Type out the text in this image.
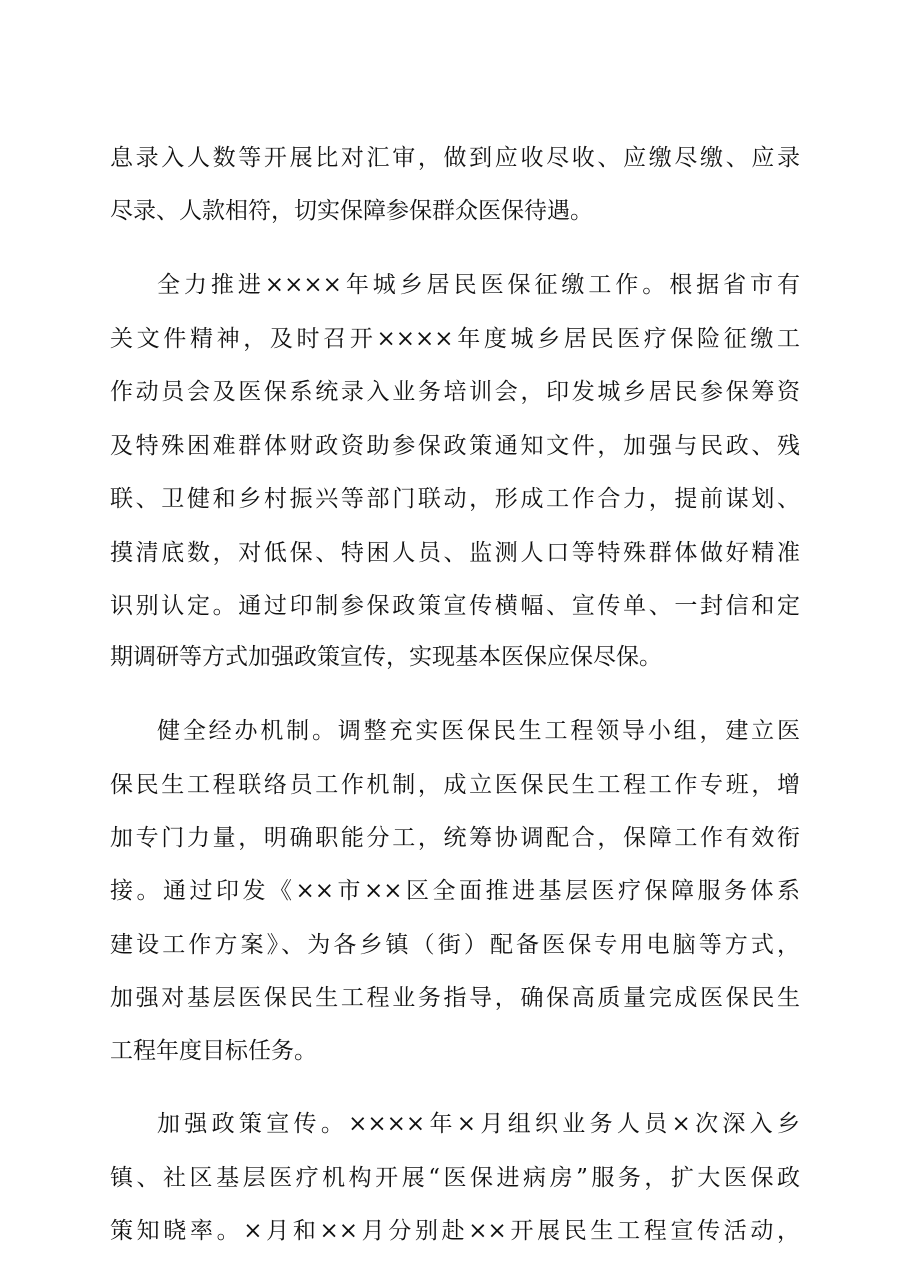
息录入人数等开展比对汇审，做到应收尽收、应缴尽缴、应录
尽录、人款相符，切实保障参保群众医保待遇。
全力推进××××年城乡居民医保征缴工作。根据省市有
关文件精神，及时召开××××年度城乡居民医疗保险征缴工
作动员会及医保系统录入业务培训会，印发城乡居民参保筹资
及特殊困难群体财政资助参保政策通知文件，加强与民政、残
联、卫健和乡村振兴等部门联动，形成工作合力，提前谋划、
摸清底数，对低保、特困人员、监测人口等特殊群体做好精准
识别认定。通过印制参保政策宣传横幅、宣传单、一封信和定
期调研等方式加强政策宣传，实现基本医保应保尽保。
健全经办机制。调整充实医保民生工程领导小组，建立医
保民生工程联络员工作机制，成立医保民生工程工作专班，增
加专门力量，明确职能分工，统筹协调配合，保障工作有效衔
接。通过印发《××市××区全面推进基层医疗保障服务体系
建设工作方案》、为各乡镇（街）配备医保专用电脑等方式，
加强对基层医保民生工程业务指导，确保高质量完成医保民生
工程年度目标任务。
加强政策宣传。××××年×月组织业务人员×次深入乡
镇、社区基层医疗机构开展“医保进病房”服务，扩大医保政
策知晓率。×月和××月分别赴××开展民生工程宣传活动，
